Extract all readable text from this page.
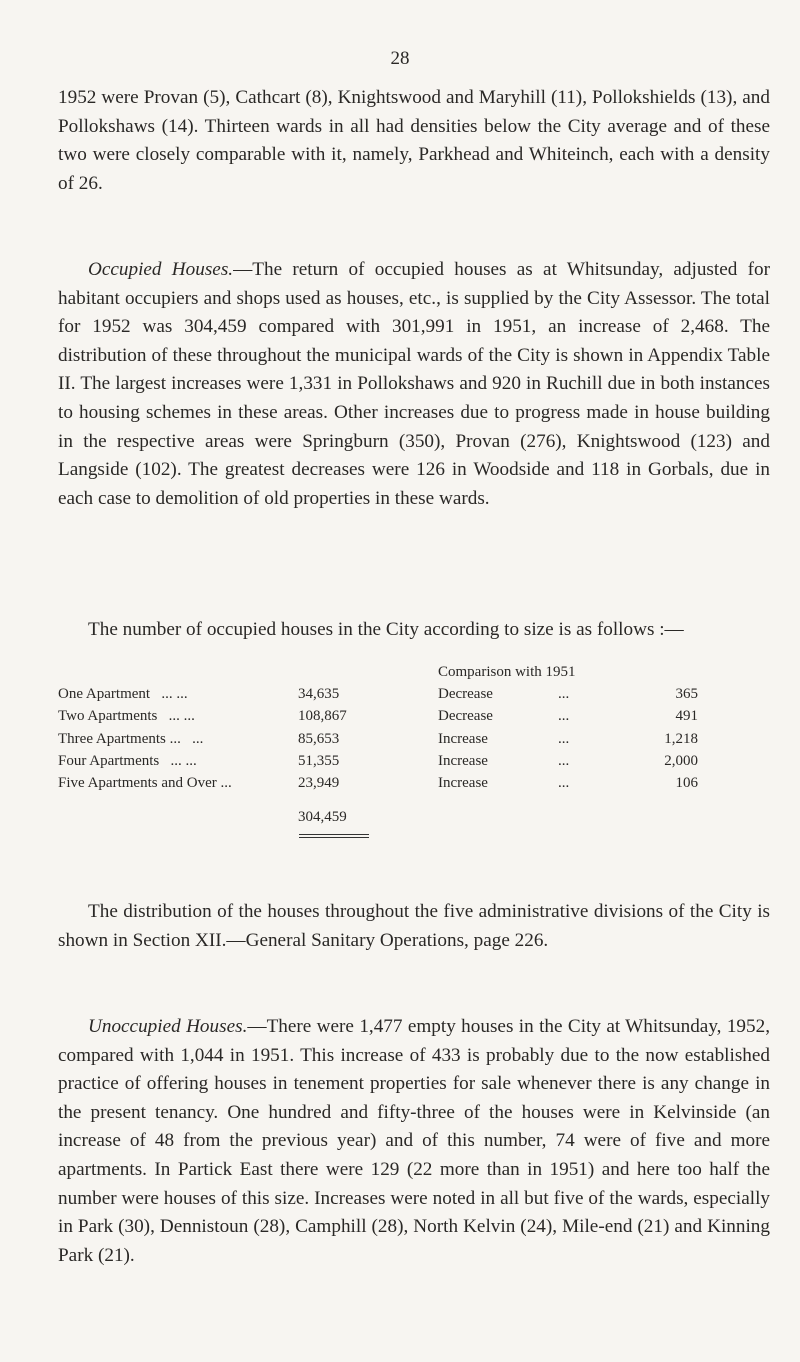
28

1952 were Provan (5), Cathcart (8), Knightswood and Maryhill (11), Pollokshields (13), and Pollokshaws (14). Thirteen wards in all had densities below the City average and of these two were closely comparable with it, namely, Parkhead and Whiteinch, each with a density of 26.

Occupied Houses.—The return of occupied houses as at Whitsunday, adjusted for habitant occupiers and shops used as houses, etc., is supplied by the City Assessor. The total for 1952 was 304,459 compared with 301,991 in 1951, an increase of 2,468. The distribution of these throughout the municipal wards of the City is shown in Appendix Table II. The largest increases were 1,331 in Pollokshaws and 920 in Ruchill due in both instances to housing schemes in these areas. Other increases due to progress made in house building in the respective areas were Springburn (350), Provan (276), Knightswood (123) and Langside (102). The greatest decreases were 126 in Woodside and 118 in Gorbals, due in each case to demolition of old properties in these wards.

The number of occupied houses in the City according to size is as follows :—

Comparison with 1951
One Apartment ... ...	34,635	Decrease	...	365
Two Apartments ... ...	108,867	Decrease	...	491
Three Apartments ... ...	85,653	Increase	...	1,218
Four Apartments ... ...	51,355	Increase	...	2,000
Five Apartments and Over ...	23,949	Increase	...	106
304,459

The distribution of the houses throughout the five administrative divisions of the City is shown in Section XII.—General Sanitary Operations, page 226.

Unoccupied Houses.—There were 1,477 empty houses in the City at Whitsunday, 1952, compared with 1,044 in 1951. This increase of 433 is probably due to the now established practice of offering houses in tenement properties for sale whenever there is any change in the present tenancy. One hundred and fifty-three of the houses were in Kelvinside (an increase of 48 from the previous year) and of this number, 74 were of five and more apartments. In Partick East there were 129 (22 more than in 1951) and here too half the number were houses of this size. Increases were noted in all but five of the wards, especially in Park (30), Dennistoun (28), Camphill (28), North Kelvin (24), Mile-end (21) and Kinning Park (21).
